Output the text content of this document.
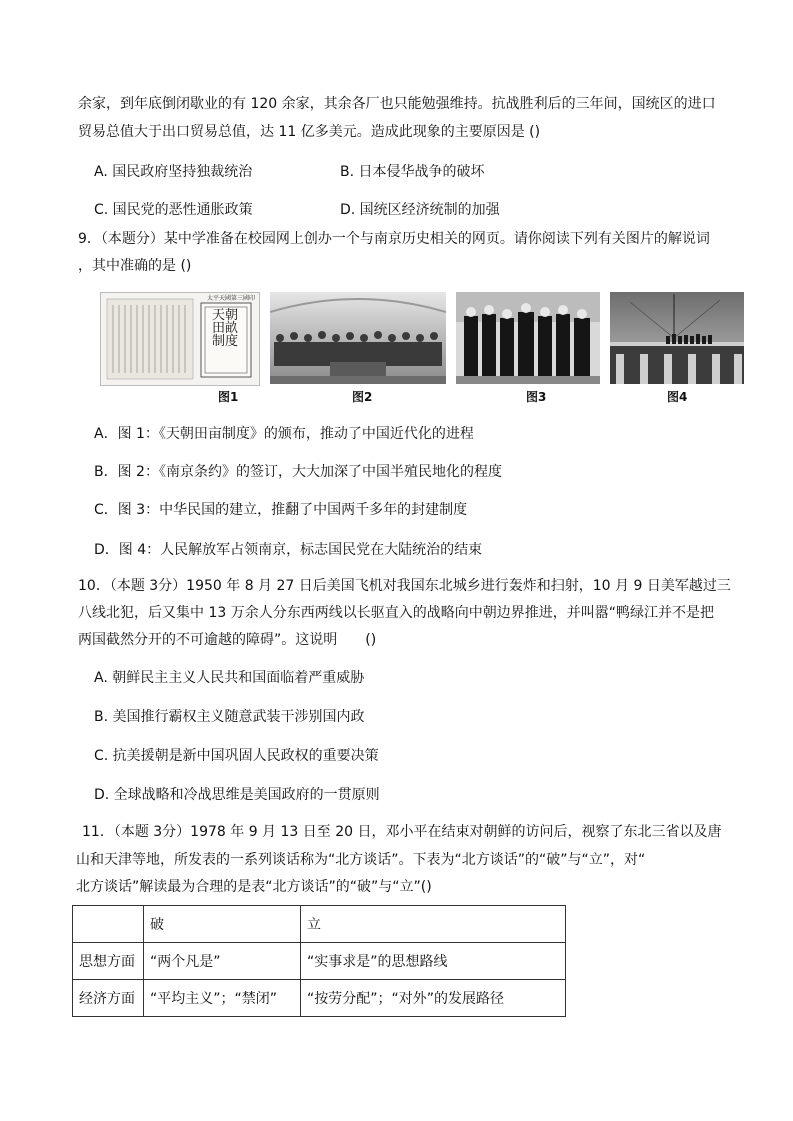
余家，到年底倒闭歇业的有 120 余家，其余各厂也只能勉强维持。抗战胜利后的三年间，国统区的进口
贸易总值大于出口贸易总值，达 11 亿多美元。造成此现象的主要原因是 ()
A. 国民政府坚持独裁统治	B. 日本侵华战争的破坏
C. 国民党的恶性通胀政策	D. 国统区经济统制的加强
9．（本题分）某中学准备在校园网上创办一个与南京历史相关的网页。请你阅读下列有关图片的解说词
，其中准确的是 ()
太平天國第三國印
天朝田畝制度
图1	图2	图3	图4
A．图 1：《天朝田亩制度》的颁布，推动了中国近代化的进程
B．图 2：《南京条约》的签订，大大加深了中国半殖民地化的程度
C．图 3：中华民国的建立，推翻了中国两千多年的封建制度
D．图 4：人民解放军占领南京，标志国民党在大陆统治的结束
10．（本题 3分）1950 年 8 月 27 日后美国飞机对我国东北城乡进行轰炸和扫射，10 月 9 日美军越过三
八线北犯，后又集中 13 万余人分东西两线以长驱直入的战略向中朝边界推进，并叫嚣“鸭绿江并不是把
两国截然分开的不可逾越的障碍”。这说明　　()
A. 朝鲜民主主义人民共和国面临着严重威胁
B. 美国推行霸权主义随意武装干涉别国内政
C. 抗美援朝是新中国巩固人民政权的重要决策
D. 全球战略和冷战思维是美国政府的一贯原则
11．（本题 3分）1978 年 9 月 13 日至 20 日，邓小平在结束对朝鲜的访问后，视察了东北三省以及唐
山和天津等地，所发表的一系列谈话称为“北方谈话”。下表为“北方谈话”的“破”与“立”，对“
北方谈话”解读最为合理的是表“北方谈话”的“破”与“立”()
	破	立
思想方面	“两个凡是”	“实事求是”的思想路线
经济方面	“平均主义”；“禁闭”	“按劳分配”；“对外”的发展路径
